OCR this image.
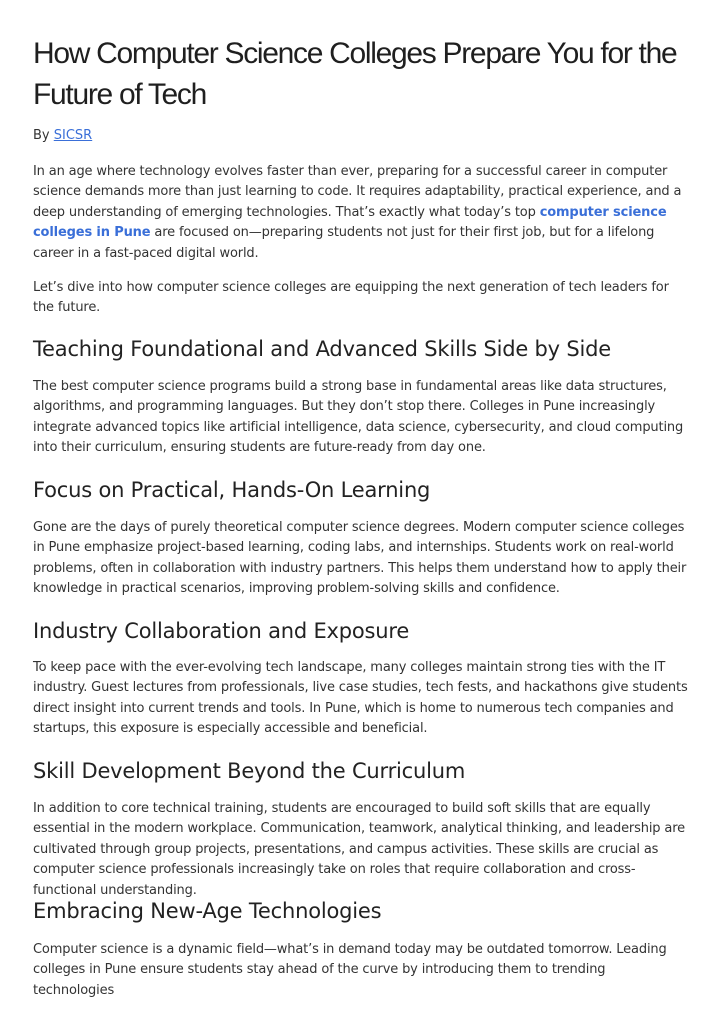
How Computer Science Colleges Prepare You for the Future of Tech
By SICSR

In an age where technology evolves faster than ever, preparing for a successful career in computer science demands more than just learning to code. It requires adaptability, practical experience, and a deep understanding of emerging technologies. That’s exactly what today’s top computer science colleges in Pune are focused on—preparing students not just for their first job, but for a lifelong career in a fast-paced digital world.

Let’s dive into how computer science colleges are equipping the next generation of tech leaders for the future.

Teaching Foundational and Advanced Skills Side by Side

The best computer science programs build a strong base in fundamental areas like data structures, algorithms, and programming languages. But they don’t stop there. Colleges in Pune increasingly integrate advanced topics like artificial intelligence, data science, cybersecurity, and cloud computing into their curriculum, ensuring students are future-ready from day one.

Focus on Practical, Hands-On Learning

Gone are the days of purely theoretical computer science degrees. Modern computer science colleges in Pune emphasize project-based learning, coding labs, and internships. Students work on real-world problems, often in collaboration with industry partners. This helps them understand how to apply their knowledge in practical scenarios, improving problem-solving skills and confidence.

Industry Collaboration and Exposure

To keep pace with the ever-evolving tech landscape, many colleges maintain strong ties with the IT industry. Guest lectures from professionals, live case studies, tech fests, and hackathons give students direct insight into current trends and tools. In Pune, which is home to numerous tech companies and startups, this exposure is especially accessible and beneficial.

Skill Development Beyond the Curriculum

In addition to core technical training, students are encouraged to build soft skills that are equally essential in the modern workplace. Communication, teamwork, analytical thinking, and leadership are cultivated through group projects, presentations, and campus activities. These skills are crucial as computer science professionals increasingly take on roles that require collaboration and cross-functional understanding.

Embracing New-Age Technologies

Computer science is a dynamic field—what’s in demand today may be outdated tomorrow. Leading colleges in Pune ensure students stay ahead of the curve by introducing them to trending technologies
